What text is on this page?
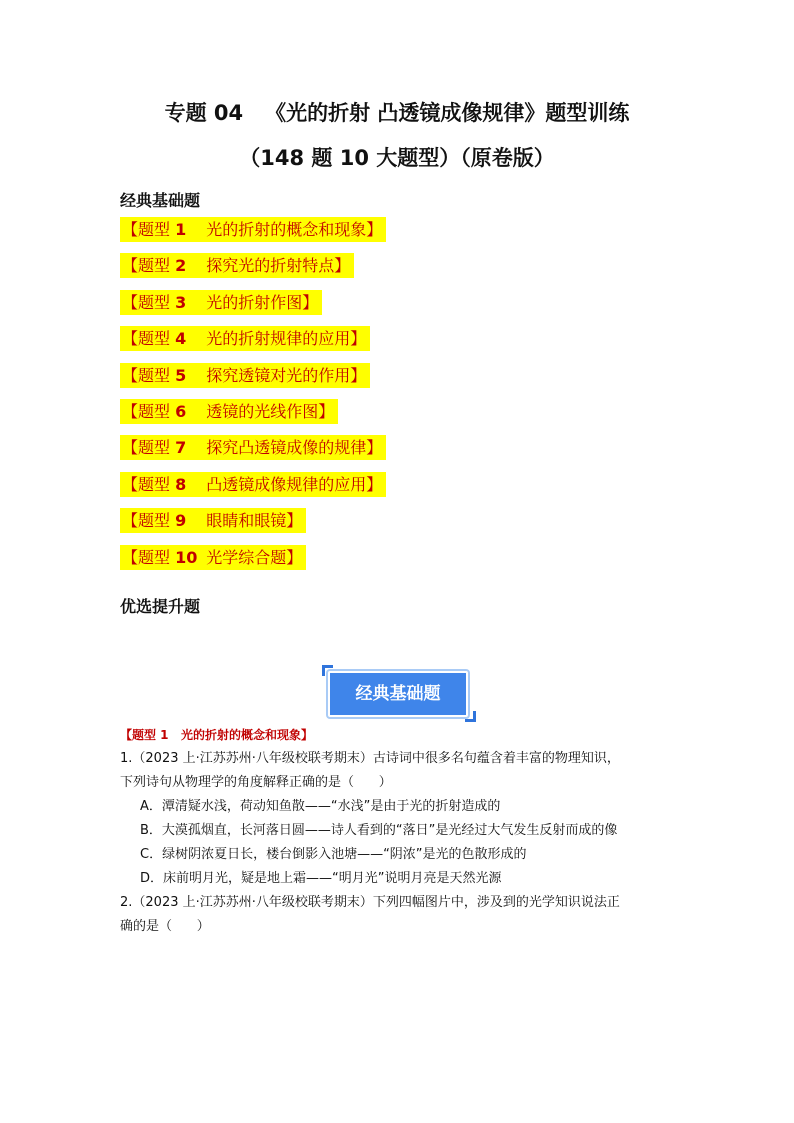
专题 04   《光的折射 凸透镜成像规律》题型训练
（148 题 10 大题型）（原卷版）
经典基础题
【题型 1 光的折射的概念和现象】
【题型 2 探究光的折射特点】
【题型 3 光的折射作图】
【题型 4 光的折射规律的应用】
【题型 5 探究透镜对光的作用】
【题型 6 透镜的光线作图】
【题型 7 探究凸透镜成像的规律】
【题型 8 凸透镜成像规律的应用】
【题型 9 眼睛和眼镜】
【题型 10 光学综合题】
优选提升题
经典基础题
【题型 1   光的折射的概念和现象】
1.（2023 上·江苏苏州·八年级校联考期末）古诗词中很多名句蕴含着丰富的物理知识，
下列诗句从物理学的角度解释正确的是（      ）
A．潭清疑水浅，荷动知鱼散——“水浅”是由于光的折射造成的
B．大漠孤烟直，长河落日圆——诗人看到的“落日”是光经过大气发生反射而成的像
C．绿树阴浓夏日长，楼台倒影入池塘——“阴浓”是光的色散形成的
D．床前明月光，疑是地上霜——“明月光”说明月亮是天然光源
2.（2023 上·江苏苏州·八年级校联考期末）下列四幅图片中，涉及到的光学知识说法正
确的是（      ）
